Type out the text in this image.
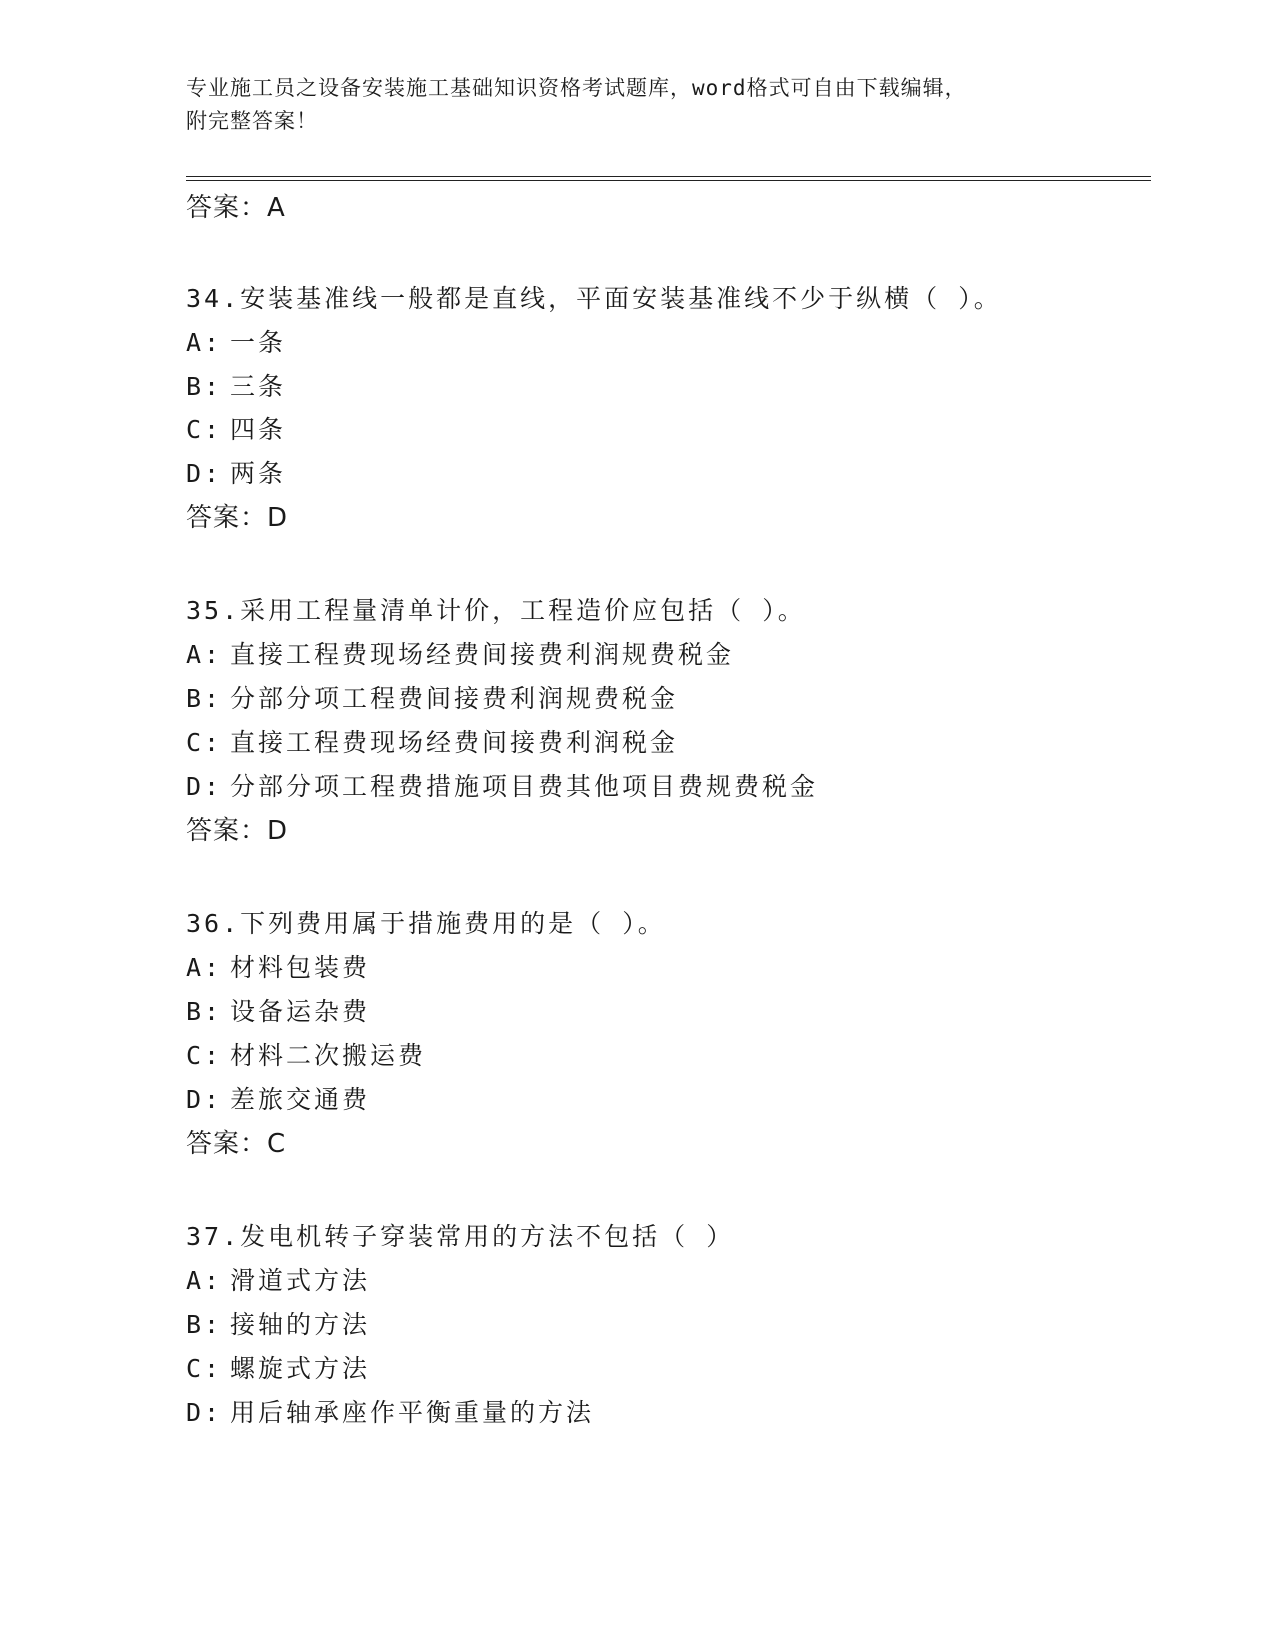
专业施工员之设备安装施工基础知识资格考试题库，word格式可自由下载编辑，
附完整答案！
答案：A
34.安装基准线一般都是直线，平面安装基准线不少于纵横（ ）。
A: 一条
B: 三条
C: 四条
D: 两条
答案：D
35.采用工程量清单计价，工程造价应包括（ ）。
A: 直接工程费现场经费间接费利润规费税金
B: 分部分项工程费间接费利润规费税金
C: 直接工程费现场经费间接费利润税金
D: 分部分项工程费措施项目费其他项目费规费税金
答案：D
36.下列费用属于措施费用的是（ ）。
A: 材料包装费
B: 设备运杂费
C: 材料二次搬运费
D: 差旅交通费
答案：C
37.发电机转子穿装常用的方法不包括（ ）
A: 滑道式方法
B: 接轴的方法
C: 螺旋式方法
D: 用后轴承座作平衡重量的方法
